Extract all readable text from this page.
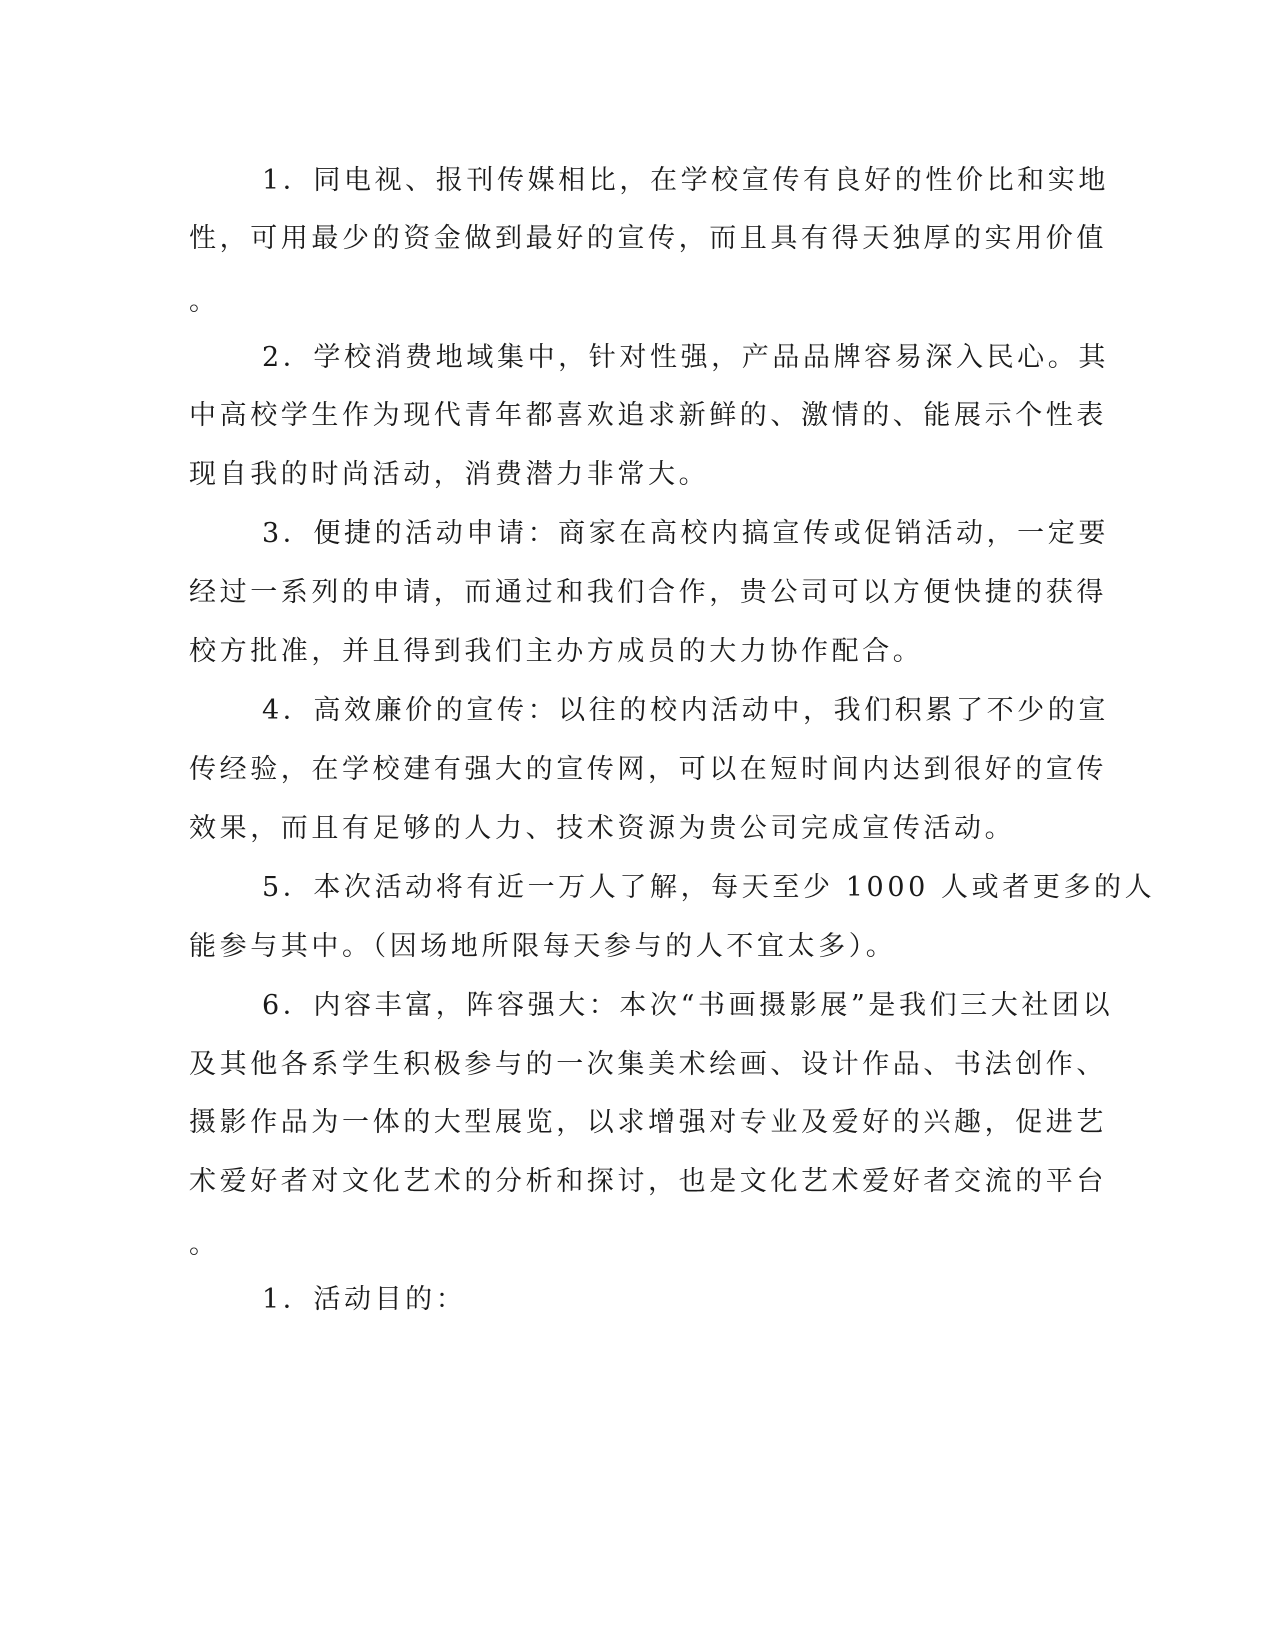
1．同电视、报刊传媒相比，在学校宣传有良好的性价比和实地
性，可用最少的资金做到最好的宣传，而且具有得天独厚的实用价值
。
2．学校消费地域集中，针对性强，产品品牌容易深入民心。其
中高校学生作为现代青年都喜欢追求新鲜的、激情的、能展示个性表
现自我的时尚活动，消费潜力非常大。
3．便捷的活动申请：商家在高校内搞宣传或促销活动，一定要
经过一系列的申请，而通过和我们合作，贵公司可以方便快捷的获得
校方批准，并且得到我们主办方成员的大力协作配合。
4．高效廉价的宣传：以往的校内活动中，我们积累了不少的宣
传经验，在学校建有强大的宣传网，可以在短时间内达到很好的宣传
效果，而且有足够的人力、技术资源为贵公司完成宣传活动。
5．本次活动将有近一万人了解，每天至少 1000 人或者更多的人
能参与其中。（因场地所限每天参与的人不宜太多）。
6．内容丰富，阵容强大：本次“书画摄影展”是我们三大社团以
及其他各系学生积极参与的一次集美术绘画、设计作品、书法创作、
摄影作品为一体的大型展览，以求增强对专业及爱好的兴趣，促进艺
术爱好者对文化艺术的分析和探讨，也是文化艺术爱好者交流的平台
。
1．活动目的：
